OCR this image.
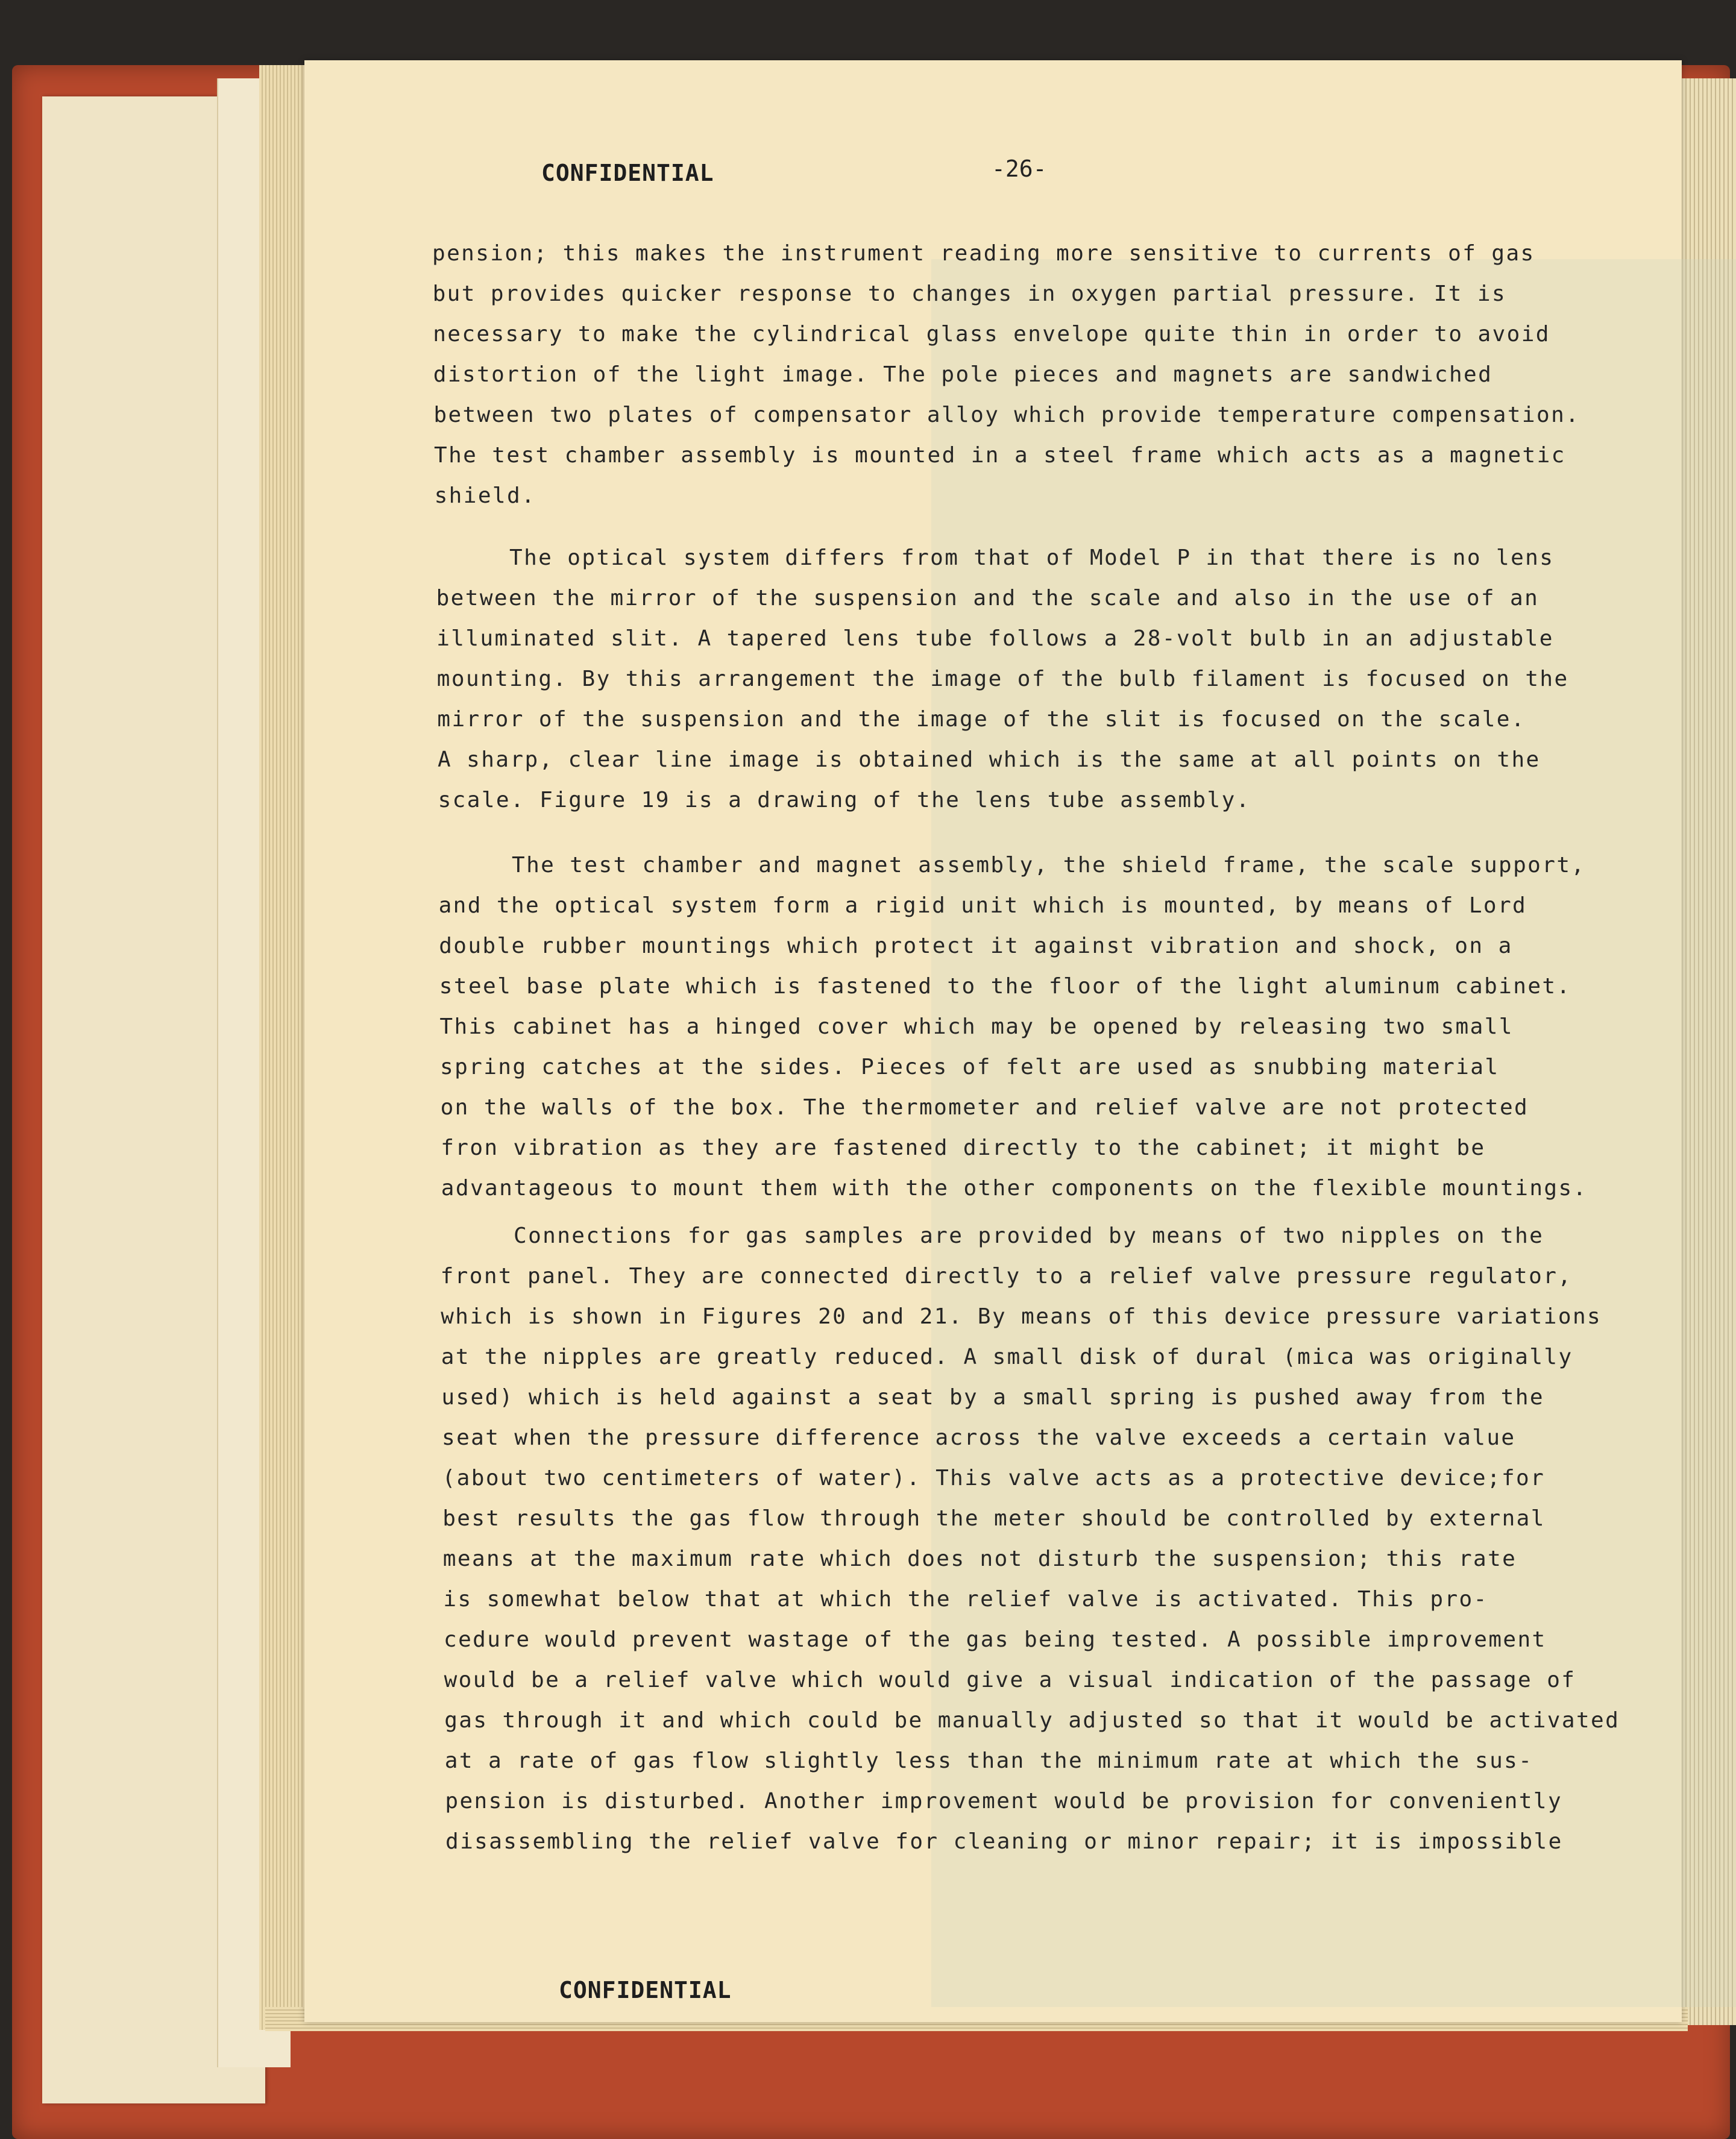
CONFIDENTIAL	-26-
pension; this makes the instrument reading more sensitive to currents of gas
but provides quicker response to changes in oxygen partial pressure. It is
necessary to make the cylindrical glass envelope quite thin in order to avoid
distortion of the light image. The pole pieces and magnets are sandwiched
between two plates of compensator alloy which provide temperature compensation.
The test chamber assembly is mounted in a steel frame which acts as a magnetic
shield.
The optical system differs from that of Model P in that there is no lens
between the mirror of the suspension and the scale and also in the use of an
illuminated slit. A tapered lens tube follows a 28-volt bulb in an adjustable
mounting. By this arrangement the image of the bulb filament is focused on the
mirror of the suspension and the image of the slit is focused on the scale.
A sharp, clear line image is obtained which is the same at all points on the
scale. Figure 19 is a drawing of the lens tube assembly.
The test chamber and magnet assembly, the shield frame, the scale support,
and the optical system form a rigid unit which is mounted, by means of Lord
double rubber mountings which protect it against vibration and shock, on a
steel base plate which is fastened to the floor of the light aluminum cabinet.
This cabinet has a hinged cover which may be opened by releasing two small
spring catches at the sides. Pieces of felt are used as snubbing material
on the walls of the box. The thermometer and relief valve are not protected
fron vibration as they are fastened directly to the cabinet; it might be
advantageous to mount them with the other components on the flexible mountings.
Connections for gas samples are provided by means of two nipples on the
front panel. They are connected directly to a relief valve pressure regulator,
which is shown in Figures 20 and 21. By means of this device pressure variations
at the nipples are greatly reduced. A small disk of dural (mica was originally
used) which is held against a seat by a small spring is pushed away from the
seat when the pressure difference across the valve exceeds a certain value
(about two centimeters of water). This valve acts as a protective device;for
best results the gas flow through the meter should be controlled by external
means at the maximum rate which does not disturb the suspension; this rate
is somewhat below that at which the relief valve is activated. This pro-
cedure would prevent wastage of the gas being tested. A possible improvement
would be a relief valve which would give a visual indication of the passage of
gas through it and which could be manually adjusted so that it would be activated
at a rate of gas flow slightly less than the minimum rate at which the sus-
pension is disturbed. Another improvement would be provision for conveniently
disassembling the relief valve for cleaning or minor repair; it is impossible
CONFIDENTIAL
